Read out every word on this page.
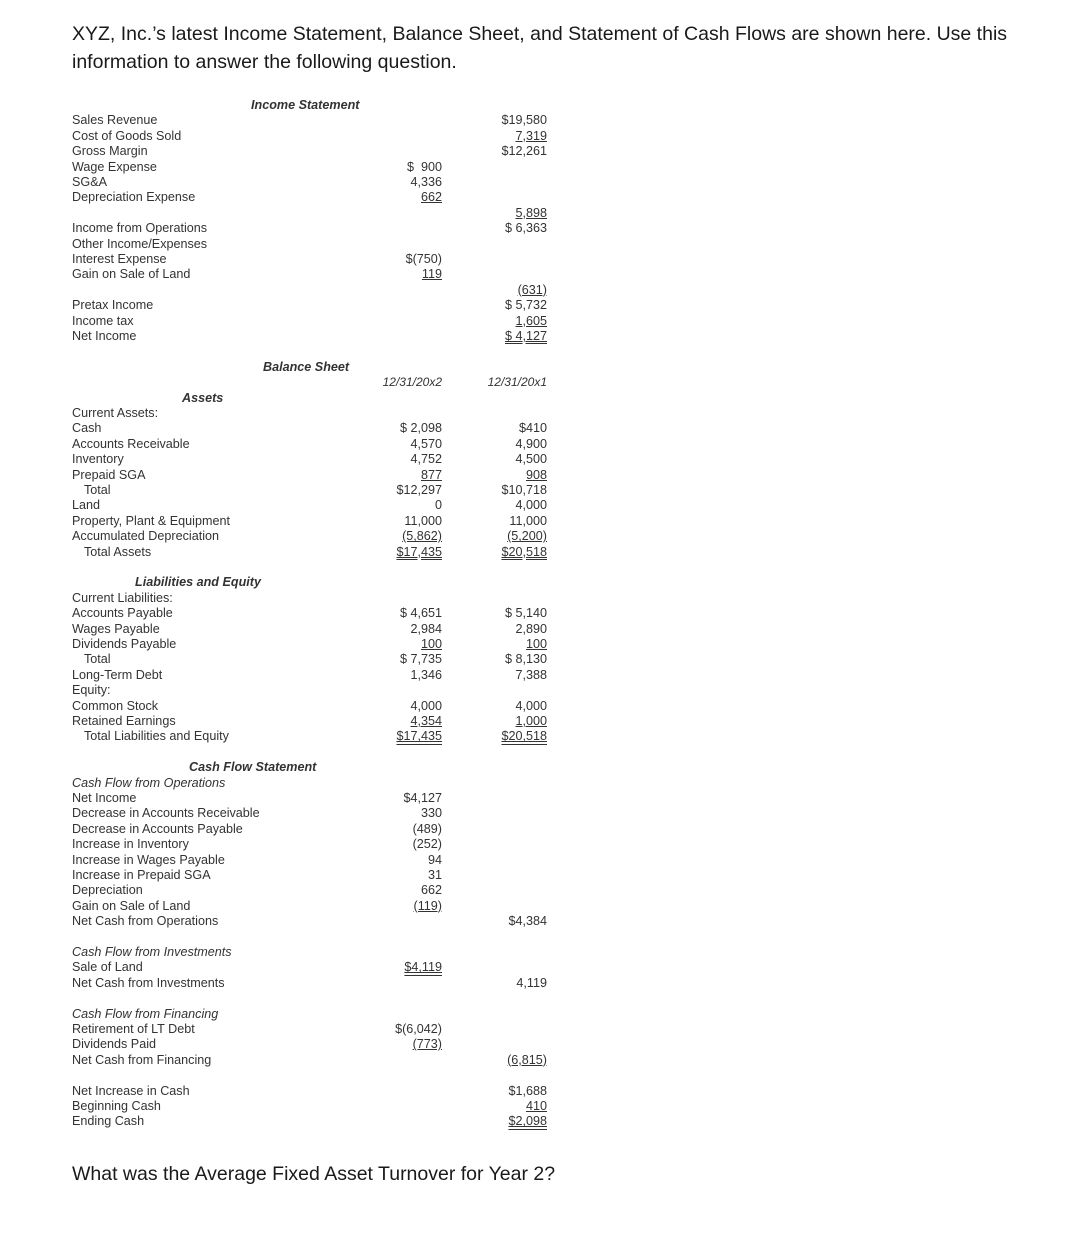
XYZ, Inc.’s latest Income Statement, Balance Sheet, and Statement of Cash Flows are shown here. Use this information to answer the following question.
Income Statement
Sales Revenue	$19,580
Cost of Goods Sold	7,319
Gross Margin	$12,261
Wage Expense	$  900
SG&A	4,336
Depreciation Expense	662
5,898
Income from Operations	$ 6,363
Other Income/Expenses
Interest Expense	$(750)
Gain on Sale of Land	119
(631)
Pretax Income	$ 5,732
Income tax	1,605
Net Income	$ 4,127
Balance Sheet
12/31/20x2	12/31/20x1
Assets
Current Assets:
Cash	$ 2,098	$410
Accounts Receivable	4,570	4,900
Inventory	4,752	4,500
Prepaid SGA	877	908
Total	$12,297	$10,718
Land	0	4,000
Property, Plant & Equipment	11,000	11,000
Accumulated Depreciation	(5,862)	(5,200)
Total Assets	$17,435	$20,518
Liabilities and Equity
Current Liabilities:
Accounts Payable	$ 4,651	$ 5,140
Wages Payable	2,984	2,890
Dividends Payable	100	100
Total	$ 7,735	$ 8,130
Long-Term Debt	1,346	7,388
Equity:
Common Stock	4,000	4,000
Retained Earnings	4,354	1,000
Total Liabilities and Equity	$17,435	$20,518
Cash Flow Statement
Cash Flow from Operations
Net Income	$4,127
Decrease in Accounts Receivable	330
Decrease in Accounts Payable	(489)
Increase in Inventory	(252)
Increase in Wages Payable	94
Increase in Prepaid SGA	31
Depreciation	662
Gain on Sale of Land	(119)
Net Cash from Operations	$4,384
Cash Flow from Investments
Sale of Land	$4,119
Net Cash from Investments	4,119
Cash Flow from Financing
Retirement of LT Debt	$(6,042)
Dividends Paid	(773)
Net Cash from Financing	(6,815)
Net Increase in Cash	$1,688
Beginning Cash	410
Ending Cash	$2,098
What was the Average Fixed Asset Turnover for Year 2?
